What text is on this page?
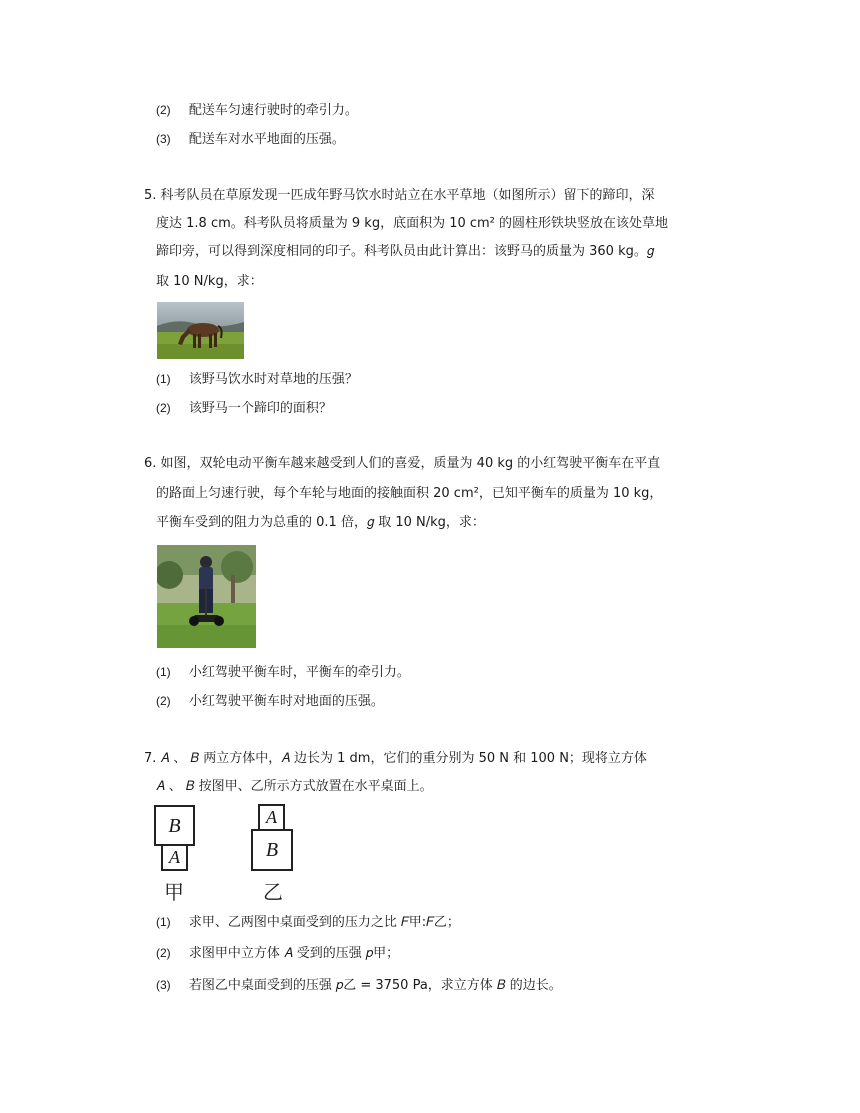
(2) 配送车匀速行驶时的牵引力。
(3) 配送车对水平地面的压强。
5. 科考队员在草原发现一匹成年野马饮水时站立在水平草地（如图所示）留下的蹄印，深
度达 1.8 cm。科考队员将质量为 9 kg，底面积为 10 cm² 的圆柱形铁块竖放在该处草地
蹄印旁，可以得到深度相同的印子。科考队员由此计算出：该野马的质量为 360 kg。𝑔
取 10 N/kg，求：
(1) 该野马饮水时对草地的压强？
(2) 该野马一个蹄印的面积？
6. 如图，双轮电动平衡车越来越受到人们的喜爱，质量为 40 kg 的小红驾驶平衡车在平直
的路面上匀速行驶，每个车轮与地面的接触面积 20 cm²，已知平衡车的质量为 10 kg，
平衡车受到的阻力为总重的 0.1 倍，𝑔 取 10 N/kg，求：
(1) 小红驾驶平衡车时，平衡车的牵引力。
(2) 小红驾驶平衡车时对地面的压强。
7. 𝐴 、 𝐵 两立方体中，𝐴 边长为 1 dm，它们的重分别为 50 N 和 100 N；现将立方体
𝐴 、 𝐵 按图甲、乙所示方式放置在水平桌面上。
B
A
甲
A
B
乙
(1) 求甲、乙两图中桌面受到的压力之比 𝐹甲:𝐹乙；
(2) 求图甲中立方体 𝐴 受到的压强 𝑝甲；
(3) 若图乙中桌面受到的压强 𝑝乙 = 3750 Pa，求立方体 𝐵 的边长。
